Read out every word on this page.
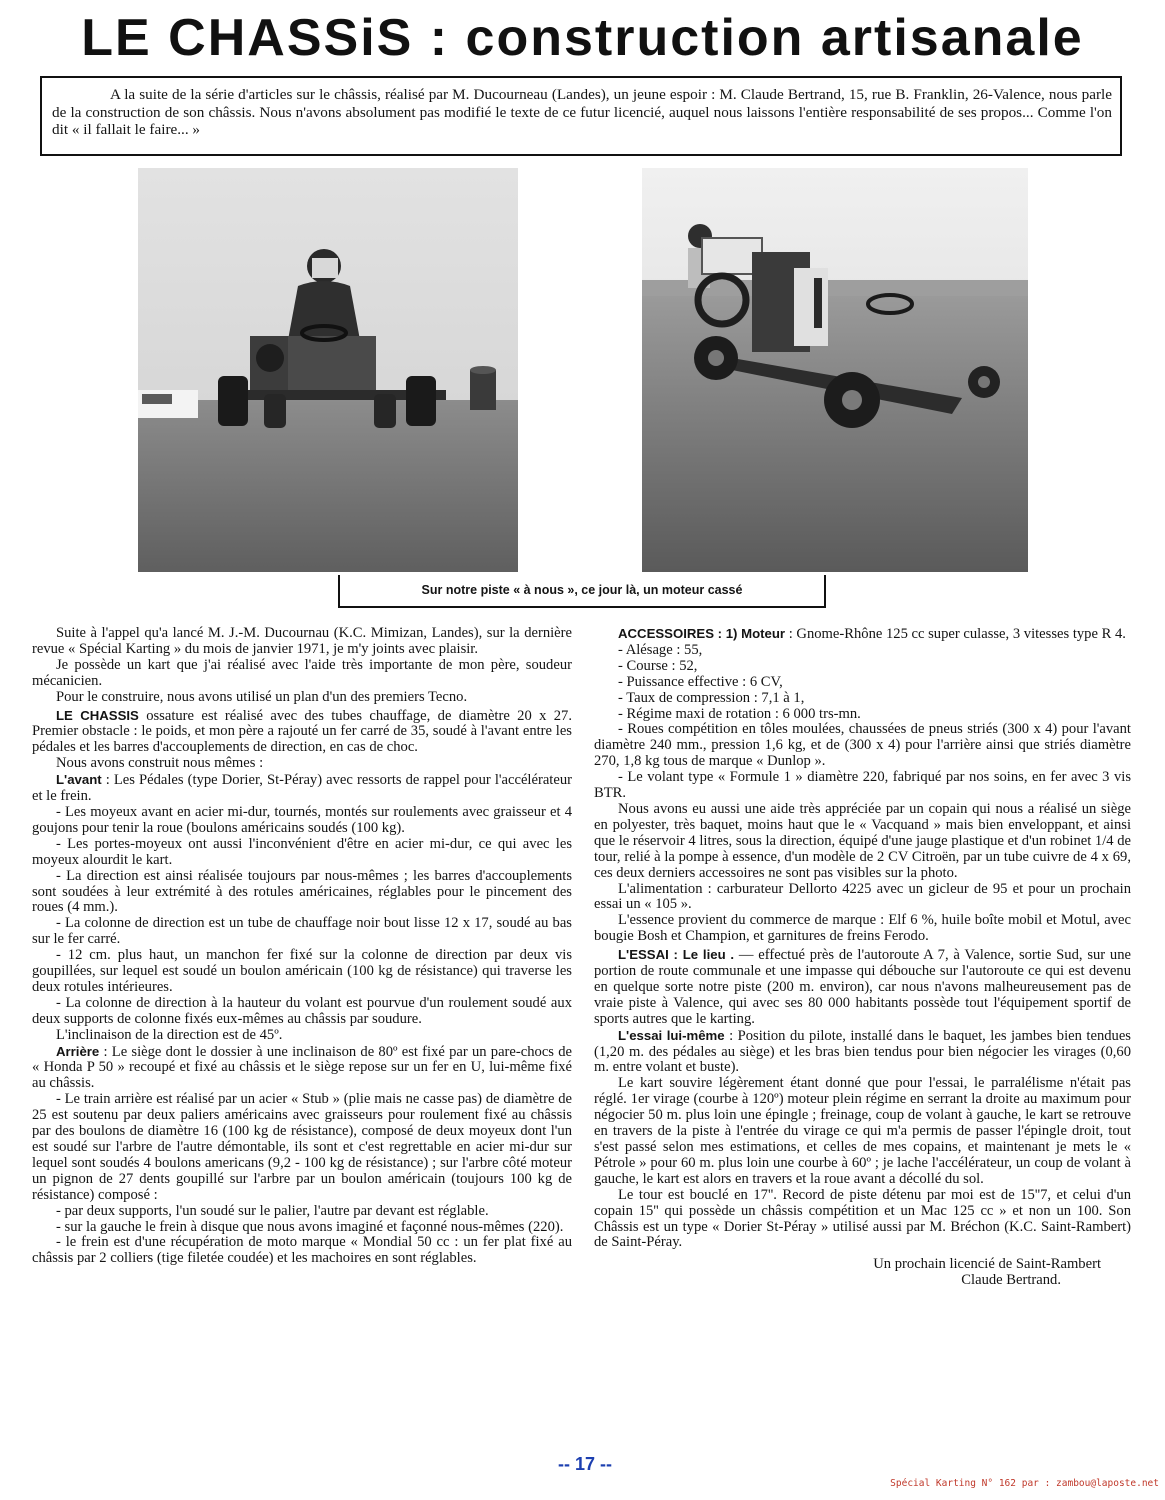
LE CHASSiS : construction artisanale
A la suite de la série d'articles sur le châssis, réalisé par M. Ducourneau (Landes), un jeune espoir : M. Claude Bertrand, 15, rue B. Franklin, 26-Valence, nous parle de la construction de son châssis. Nous n'avons absolument pas modifié le texte de ce futur licencié, auquel nous laissons l'entière responsabilité de ses propos... Comme l'on dit « il fallait le faire... »
Sur notre piste « à nous », ce jour là, un moteur cassé

Suite à l'appel qu'a lancé M. J.-M. Ducournau (K.C. Mimizan, Landes), sur la dernière revue « Spécial Karting » du mois de janvier 1971, je m'y joints avec plaisir.

Je possède un kart que j'ai réalisé avec l'aide très importante de mon père, soudeur mécanicien.

Pour le construire, nous avons utilisé un plan d'un des premiers Tecno.

LE CHASSIS ossature est réalisé avec des tubes chauffage, de diamètre 20 x 27. Premier obstacle : le poids, et mon père a rajouté un fer carré de 35, soudé à l'avant entre les pédales et les barres d'accouplements de direction, en cas de choc.

Nous avons construit nous mêmes :

L'avant : Les Pédales (type Dorier, St-Péray) avec ressorts de rappel pour l'accélérateur et le frein.

- Les moyeux avant en acier mi-dur, tournés, montés sur roulements avec graisseur et 4 goujons pour tenir la roue (boulons américains soudés (100 kg).

- Les portes-moyeux ont aussi l'inconvénient d'être en acier mi-dur, ce qui avec les moyeux alourdit le kart.

- La direction est ainsi réalisée toujours par nous-mêmes ; les barres d'accouplements sont soudées à leur extrémité à des rotules américaines, réglables pour le pincement des roues (4 mm.).

- La colonne de direction est un tube de chauffage noir bout lisse 12 x 17, soudé au bas sur le fer carré.

- 12 cm. plus haut, un manchon fer fixé sur la colonne de direction par deux vis goupillées, sur lequel est soudé un boulon américain (100 kg de résistance) qui traverse les deux rotules intérieures.

- La colonne de direction à la hauteur du volant est pourvue d'un roulement soudé aux deux supports de colonne fixés eux-mêmes au châssis par soudure.

L'inclinaison de la direction est de 45º.

Arrière : Le siège dont le dossier à une inclinaison de 80º est fixé par un pare-chocs de « Honda P 50 » recoupé et fixé au châssis et le siège repose sur un fer en U, lui-même fixé au châssis.

- Le train arrière est réalisé par un acier « Stub » (plie mais ne casse pas) de diamètre de 25 est soutenu par deux paliers américains avec graisseurs pour roulement fixé au châssis par des boulons de diamètre 16 (100 kg de résistance), composé de deux moyeux dont l'un est soudé sur l'arbre de l'autre démontable, ils sont et c'est regrettable en acier mi-dur sur lequel sont soudés 4 boulons americans (9,2 - 100 kg de résistance) ; sur l'arbre côté moteur un pignon de 27 dents goupillé sur l'arbre par un boulon américain (toujours 100 kg de résistance) composé :

- par deux supports, l'un soudé sur le palier, l'autre par devant est réglable.

- sur la gauche le frein à disque que nous avons imaginé et façonné nous-mêmes (220).

- le frein est d'une récupération de moto marque « Mondial 50 cc : un fer plat fixé au châssis par 2 colliers (tige filetée coudée) et les machoires en sont réglables.

ACCESSOIRES : 1) Moteur : Gnome-Rhône 125 cc super culasse, 3 vitesses type R 4.

- Alésage : 55,

- Course : 52,

- Puissance effective : 6 CV,

- Taux de compression : 7,1 à 1,

- Régime maxi de rotation : 6 000 trs-mn.

- Roues compétition en tôles moulées, chaussées de pneus striés (300 x 4) pour l'avant diamètre 240 mm., pression 1,6 kg, et de (300 x 4) pour l'arrière ainsi que striés diamètre 270, 1,8 kg tous de marque « Dunlop ».

- Le volant type « Formule 1 » diamètre 220, fabriqué par nos soins, en fer avec 3 vis BTR.

Nous avons eu aussi une aide très appréciée par un copain qui nous a réalisé un siège en polyester, très baquet, moins haut que le « Vacquand » mais bien enveloppant, et ainsi que le réservoir 4 litres, sous la direction, équipé d'une jauge plastique et d'un robinet 1/4 de tour, relié à la pompe à essence, d'un modèle de 2 CV Citroën, par un tube cuivre de 4 x 69, ces deux derniers accessoires ne sont pas visibles sur la photo.

L'alimentation : carburateur Dellorto 4225 avec un gicleur de 95 et pour un prochain essai un « 105 ».

L'essence provient du commerce de marque : Elf 6 %, huile boîte mobil et Motul, avec bougie Bosh et Champion, et garnitures de freins Ferodo.

L'ESSAI : Le lieu . — effectué près de l'autoroute A 7, à Valence, sortie Sud, sur une portion de route communale et une impasse qui débouche sur l'autoroute ce qui est devenu en quelque sorte notre piste (200 m. environ), car nous n'avons malheureusement pas de vraie piste à Valence, qui avec ses 80 000 habitants possède tout l'équipement sportif de sports autres que le karting.

L'essai lui-même : Position du pilote, installé dans le baquet, les jambes bien tendues (1,20 m. des pédales au siège) et les bras bien tendus pour bien négocier les virages (0,60 m. entre volant et buste).

Le kart souvire légèrement étant donné que pour l'essai, le parralélisme n'était pas réglé. 1er virage (courbe à 120º) moteur plein régime en serrant la droite au maximum pour négocier 50 m. plus loin une épingle ; freinage, coup de volant à gauche, le kart se retrouve en travers de la piste à l'entrée du virage ce qui m'a permis de passer l'épingle droit, tout s'est passé selon mes estimations, et celles de mes copains, et maintenant je mets le « Pétrole » pour 60 m. plus loin une courbe à 60º ; je lache l'accélérateur, un coup de volant à gauche, le kart est alors en travers et la roue avant a décollé du sol.

Le tour est bouclé en 17''. Record de piste détenu par moi est de 15''7, et celui d'un copain 15'' qui possède un châssis compétition et un Mac 125 cc » et non un 100. Son Châssis est un type « Dorier St-Péray » utilisé aussi par M. Bréchon (K.C. Saint-Rambert) de Saint-Péray.

Un prochain licencié de Saint-Rambert

Claude Bertrand.

-- 17 --
Spécial Karting N° 162 par : zambou@laposte.net
